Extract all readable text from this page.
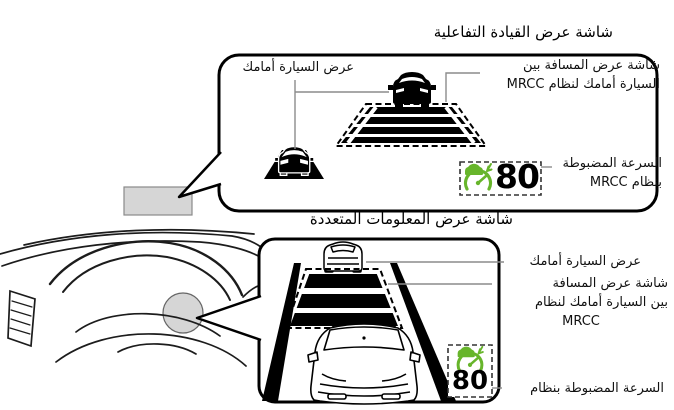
شاشة عرض القيادة التفاعلية
عرض السيارة أمامك	شاشة عرض المسافة بين
السيارة أمامك لنظام MRCC
السرعة المضبوطة
بنظام MRCC
80
شاشة عرض المعلومات المتعددة
عرض السيارة أمامك
شاشة عرض المسافة
بين السيارة أمامك لنظام
MRCC
السرعة المضبوطة بنظام
80
